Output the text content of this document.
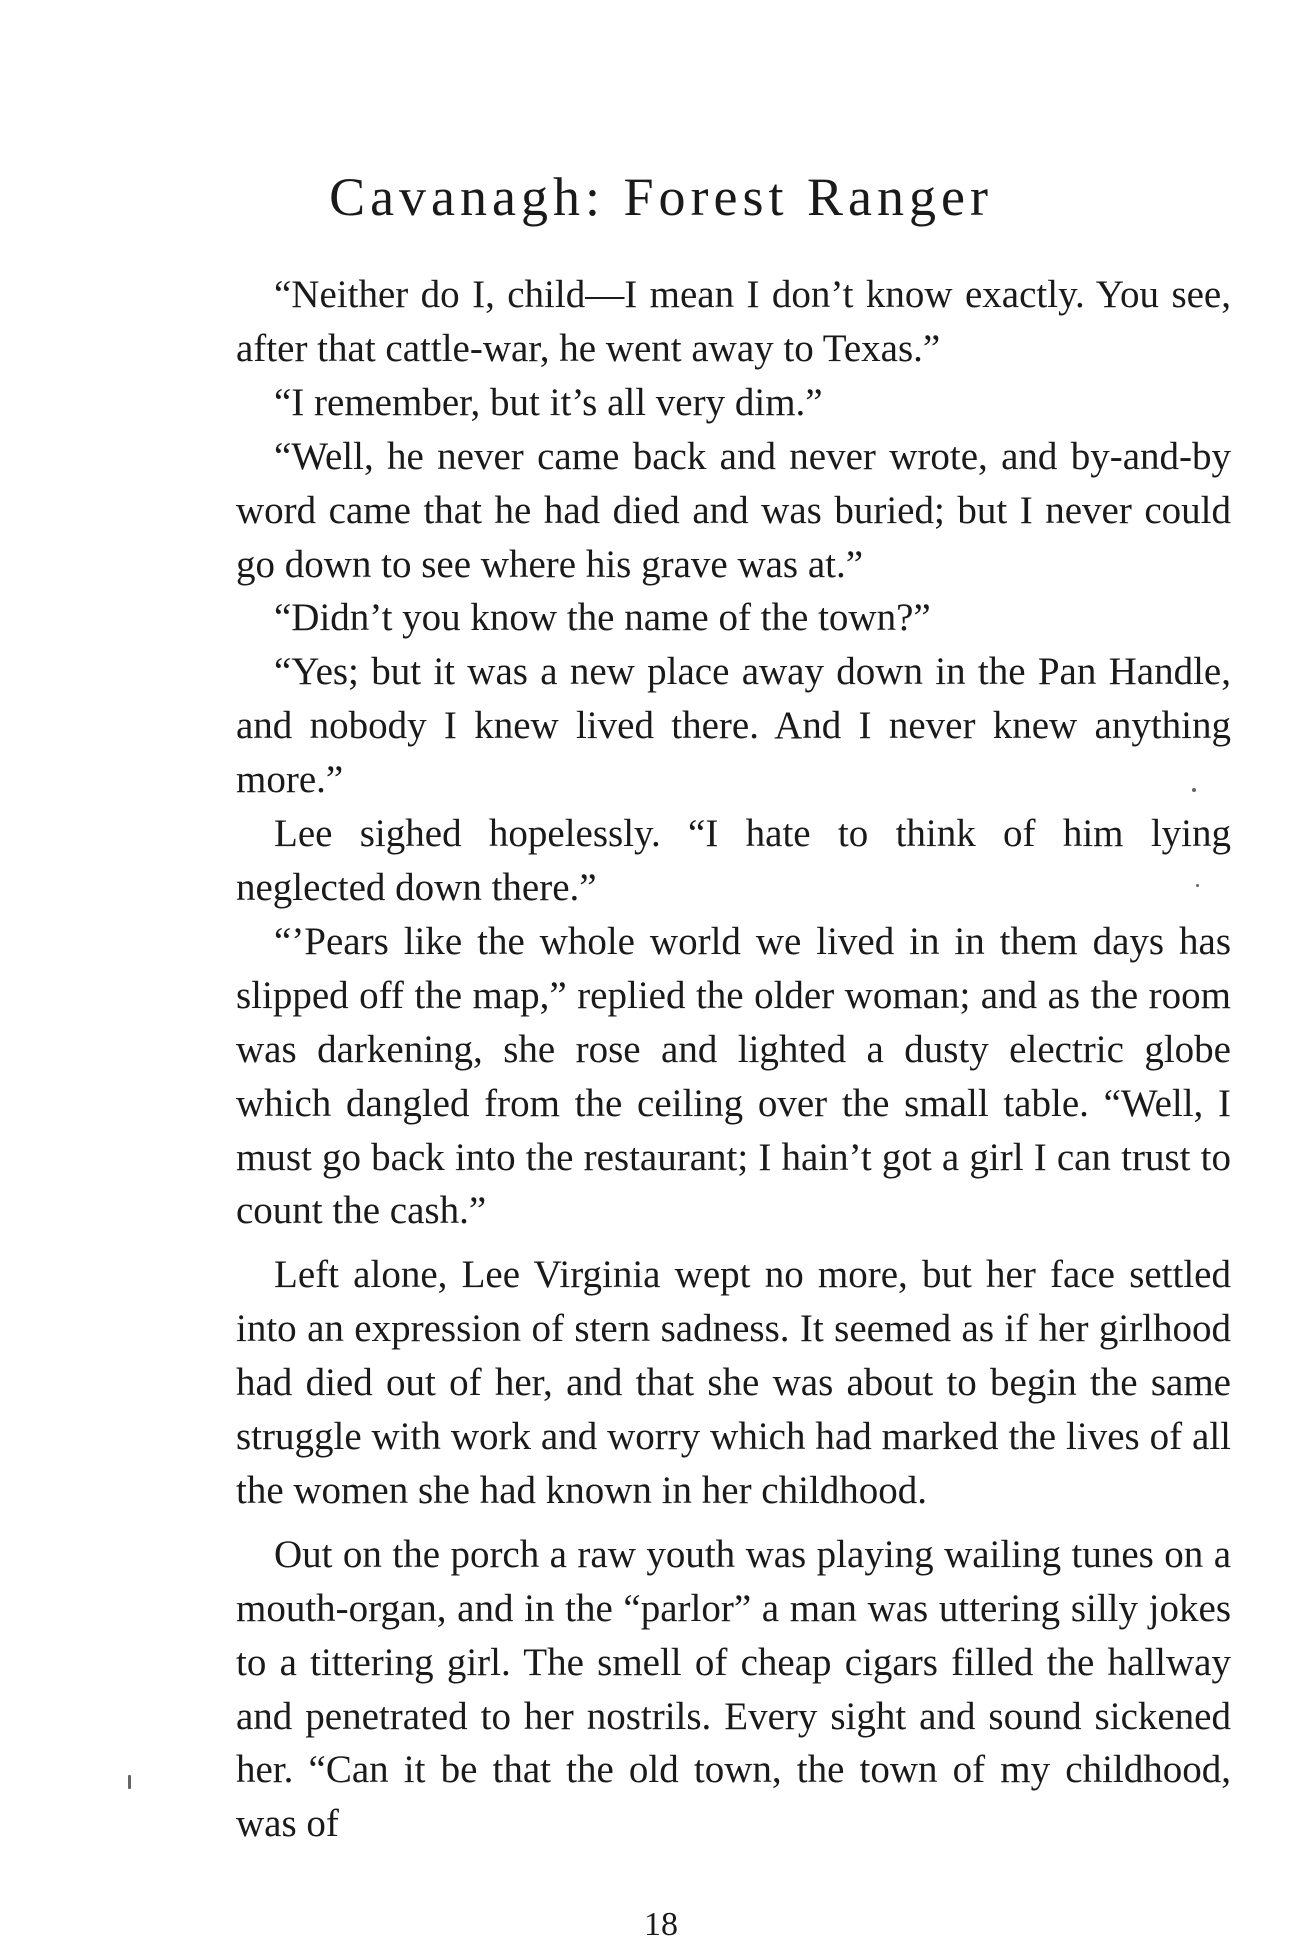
Cavanagh: Forest Ranger

“Neither do I, child—I mean I don’t know exactly. You see, after that cattle-war, he went away to Texas.”

“I remember, but it’s all very dim.”

“Well, he never came back and never wrote, and by-and-by word came that he had died and was buried; but I never could go down to see where his grave was at.”

“Didn’t you know the name of the town?”

“Yes; but it was a new place away down in the Pan Handle, and nobody I knew lived there. And I never knew anything more.”

Lee sighed hopelessly. “I hate to think of him lying neglected down there.”

“’Pears like the whole world we lived in in them days has slipped off the map,” replied the older woman; and as the room was darkening, she rose and lighted a dusty electric globe which dangled from the ceiling over the small table. “Well, I must go back into the restaurant; I hain’t got a girl I can trust to count the cash.”

Left alone, Lee Virginia wept no more, but her face settled into an expression of stern sadness. It seemed as if her girlhood had died out of her, and that she was about to begin the same struggle with work and worry which had marked the lives of all the women she had known in her childhood.

Out on the porch a raw youth was playing wailing tunes on a mouth-organ, and in the “parlor” a man was uttering silly jokes to a tittering girl. The smell of cheap cigars filled the hallway and penetrated to her nostrils. Every sight and sound sickened her. “Can it be that the old town, the town of my childhood, was of

18
